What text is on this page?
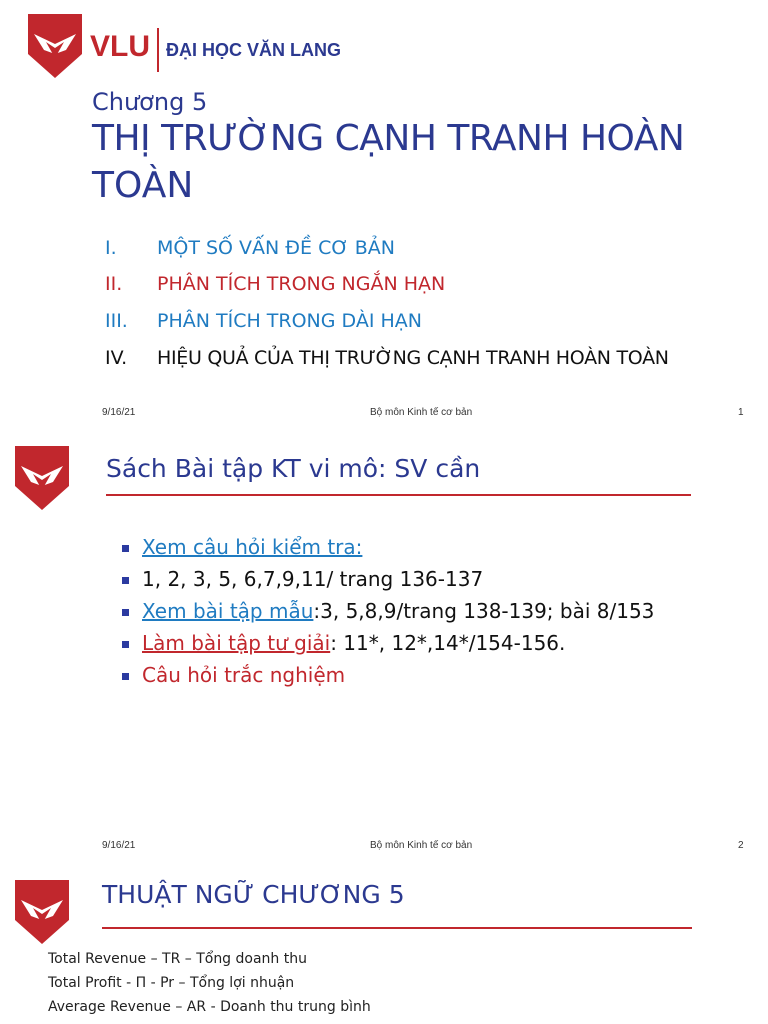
VLU ĐẠI HỌC VĂN LANG
Chương 5
THỊ TRƯỜNG CẠNH TRANH HOÀN
TOÀN
I. MỘT SỐ VẤN ĐỀ CƠ BẢN
II. PHÂN TÍCH TRONG NGẮN HẠN
III. PHÂN TÍCH TRONG DÀI HẠN
IV. HIỆU QUẢ CỦA THỊ TRƯỜNG CẠNH TRANH HOÀN TOÀN
9/16/21	Bộ môn Kinh tế cơ bản	1
Sách Bài tập KT vi mô: SV cần
Xem câu hỏi kiểm tra:
1, 2, 3, 5, 6,7,9,11/ trang 136-137
Xem bài tập mẫu:3, 5,8,9/trang 138-139; bài 8/153
Làm bài tập tư giải: 11*, 12*,14*/154-156.
Câu hỏi trắc nghiệm
9/16/21	Bộ môn Kinh tế cơ bản	2
THUẬT NGỮ CHƯƠNG 5
Total Revenue – TR – Tổng doanh thu
Total Profit - Π - Pr – Tổng lợi nhuận
Average Revenue – AR - Doanh thu trung bình
